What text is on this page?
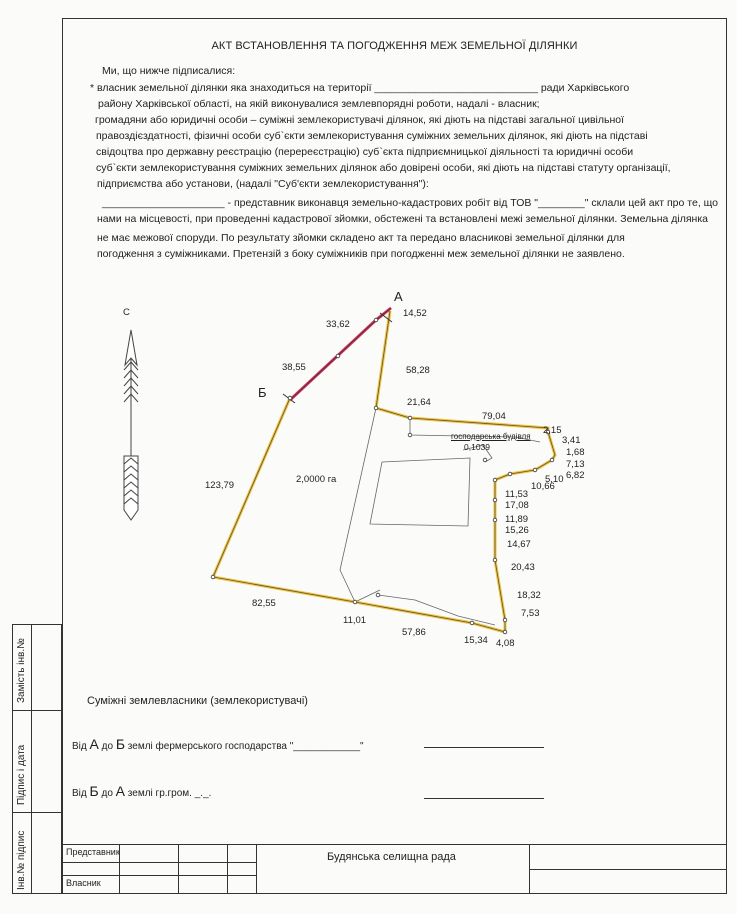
АКТ ВСТАНОВЛЕННЯ ТА ПОГОДЖЕННЯ МЕЖ ЗЕМЕЛЬНОЇ ДІЛЯНКИ
Ми, що нижче підписалися:
* власник земельної ділянки яка знаходиться на території ____________________________ ради Харківського
району Харківської області, на якій виконувалися землевпорядні роботи, надалі - власник;
громадяни або юридичні особи – суміжні землекористувачі ділянок, які діють на підставі загальної цивільної
правоздієздатності, фізичні особи суб`єкти землекористування суміжних земельних ділянок, які діють на підставі
свідоцтва про державну реєстрацію (перереєстрацію) суб`єкта підприємницької діяльності та юридичні особи
суб`єкти землекористування суміжних земельних ділянок або довірені особи, які діють на підставі статуту організації,
підприємства або установи, (надалі "Суб'єкти землекористування"):
_____________________ - представник виконавця земельно-кадастрових робіт від ТОВ "________" склали цей акт про те, що
нами на місцевості, при проведенні кадастрової зйомки, обстежені та встановлені межі земельної ділянки. Земельна ділянка
не має межової споруди. По результату зйомки складено акт та передано власникові земельної ділянки для
погодження з суміжниками. Претензій з боку суміжників при погодженні меж земельної ділянки не заявлено.
С
А
Б
2,0000 га
господарська будівля
0,1039
33,62
14,52
38,55	58,28
21,64
79,04
2,15
3,41
1,68
7,13
6,82
5,10
10,66
11,53
17,08
11,89
15,26
14,67
20,43
18,32
7,53
4,08
15,34
57,86
11,01
82,55
123,79
Суміжні землевласники (землекористувачі)
Від А до Б землі фермерського господарства "____________"
Від Б до А землі гр.гром. _._.
Інв.№ підпис
Підпис і дата
Замість інв.№
Представник
Власник
Будянська селищна рада
